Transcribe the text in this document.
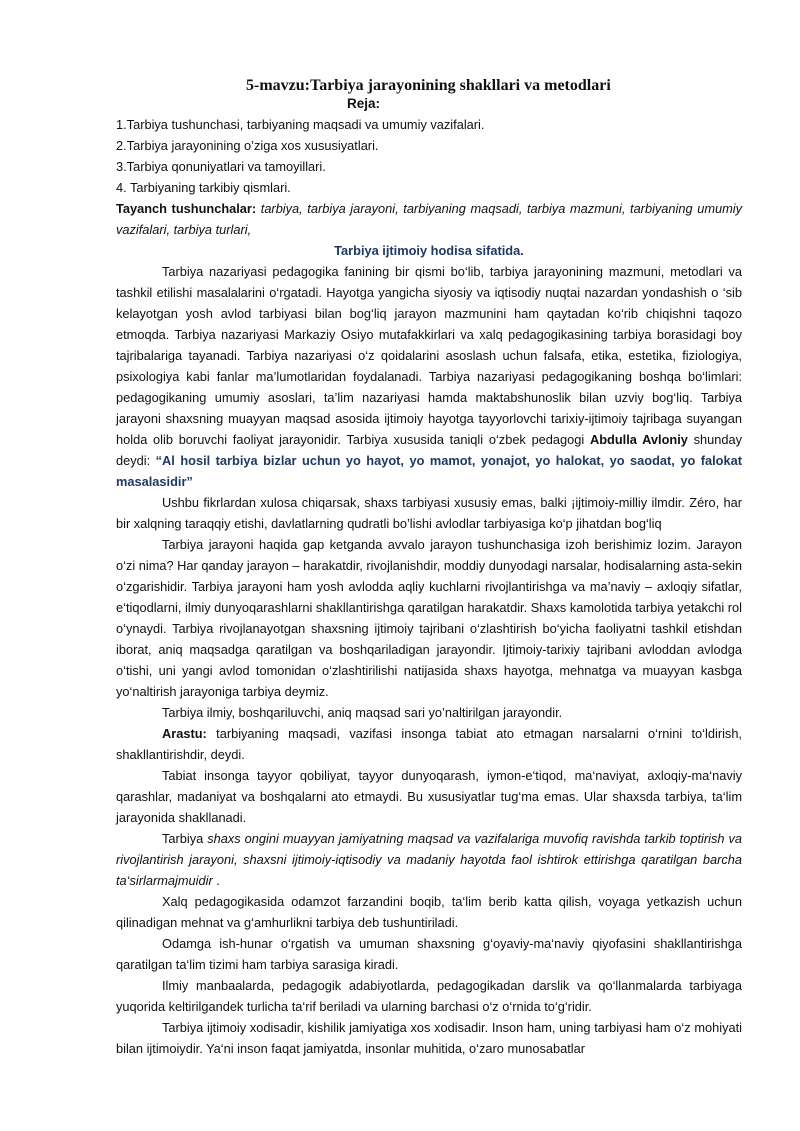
5-mavzu:Tarbiya jarayonining shakllari va metodlari

Reja:

1.Tarbiya tushunchasi, tarbiyaning maqsadi va umumiy vazifalari.

2.Tarbiya jarayonining o’ziga xos xususiyatlari.

3.Tarbiya qonuniyatlari va tamoyillari.

4. Tarbiyaning tarkibiy qismlari.

Tayanch tushunchalar: tarbiya, tarbiya jarayoni, tarbiyaning maqsadi, tarbiya mazmuni, tarbiyaning umumiy vazifalari, tarbiya turlari,

Tarbiya ijtimoiy hodisa sifatida.

Tarbiya nazariyasi pedagogika fanining bir qismi bo‘lib, tarbiya jarayonining mazmuni, metodlari va tashkil etilishi masalalarini o‘rgatadi. Hayotga yangicha siyosiy va iqtisodiy nuqtai nazardan yondashish o ‘sib kelayotgan yosh avlod tarbiyasi bilan bog‘liq jarayon mazmunini ham qaytadan ko‘rib chiqishni taqozo etmoqda. Tarbiya nazariyasi Markaziy Osiyo mutafakkirlari va xalq pedagogikasining tarbiya borasidagi boy tajribalariga tayanadi. Tarbiya nazariyasi o‘z qoidalarini asoslash uchun falsafa, etika, estetika, fiziologiya, psixologiya kabi fanlar ma’lumotlaridan foydalanadi. Tarbiya nazariyasi pedagogikaning boshqa bo‘limlari: pedagogikaning umumiy asoslari, ta’lim nazariyasi hamda maktabshunoslik bilan uzviy bog‘liq. Tarbiya jarayoni shaxsning muayyan maqsad asosida ijtimoiy hayotga tayyorlovchi tarixiy-ijtimoiy tajribaga suyangan holda olib boruvchi faoliyat jarayonidir. Tarbiya xususida taniqli o‘zbek pedagogi Abdulla Avloniy shunday deydi: “Al hosil tarbiya bizlar uchun yo hayot, yo mamot, yonajot, yo halokat, yo saodat, yo falokat masalasidir”

Ushbu fikrlardan xulosa chiqarsak, shaxs tarbiyasi xususiy emas, balki ¡ijtimoiy-milliy ilmdir. Zéro, har bir xalqning taraqqiy etishi, davlatlarning qudratli bo’lishi avlodlar tarbiyasiga ko‘p jihatdan bog‘liq

Tarbiya jarayoni haqida gap ketganda avvalo jarayon tushunchasiga izoh berishimiz lozim. Jarayon o‘zi nima? Har qanday jarayon – harakatdir, rivojlanishdir, moddiy dunyodagi narsalar, hodisalarning asta-sekin o‘zgarishidir. Tarbiya jarayoni ham yosh avlodda aqliy kuchlarni rivojlantirishga va ma’naviy – axloqiy sifatlar, e‘tiqodlarni, ilmiy dunyoqarashlarni shakllantirishga qaratilgan harakatdir. Shaxs kamolotida tarbiya yetakchi rol o‘ynaydi. Tarbiya rivojlanayotgan shaxsning ijtimoiy tajribani o‘zlashtirish bo‘yicha faoliyatni tashkil etishdan iborat, aniq maqsadga qaratilgan va boshqariladigan jarayondir. Ijtimoiy-tarixiy tajribani avloddan avlodga o‘tishi, uni yangi avlod tomonidan o‘zlashtirilishi natijasida shaxs hayotga, mehnatga va muayyan kasbga yo‘naltirish jarayoniga tarbiya deymiz.

Tarbiya ilmiy, boshqariluvchi, aniq maqsad sari yo’naltirilgan jarayondir.

Arastu: tarbiyaning maqsadi, vazifasi insonga tabiat ato etmagan narsalarni o‘rnini to‘ldirish, shakllantirishdir, deydi.

Tabiat insonga tayyor qobiliyat, tayyor dunyoqarash, iymon-e‘tiqod, ma‘naviyat, axloqiy-ma‘naviy qarashlar, madaniyat va boshqalarni ato etmaydi. Bu xususiyatlar tug‘ma emas. Ular shaxsda tarbiya, ta‘lim jarayonida shakllanadi.

Tarbiya shaxs ongini muayyan jamiyatning maqsad va vazifalariga muvofiq ravishda tarkib toptirish va rivojlantirish jarayoni, shaxsni ijtimoiy-iqtisodiy va madaniy hayotda faol ishtirok ettirishga qaratilgan barcha ta‘sirlarmajmuidir .

Xalq pedagogikasida odamzot farzandini boqib, ta‘lim berib katta qilish, voyaga yetkazish uchun qilinadigan mehnat va g‘amhurlikni tarbiya deb tushuntiriladi.

Odamga ish-hunar o‘rgatish va umuman shaxsning g‘oyaviy-ma‘naviy qiyofasini shakllantirishga qaratilgan ta‘lim tizimi ham tarbiya sarasiga kiradi.

Ilmiy manbaalarda, pedagogik adabiyotlarda, pedagogikadan darslik va qo‘llanmalarda tarbiyaga yuqorida keltirilgandek turlicha ta‘rif beriladi va ularning barchasi o‘z o‘rnida to‘g‘ridir.

Tarbiya ijtimoiy xodisadir, kishilik jamiyatiga xos xodisadir. Inson ham, uning tarbiyasi ham o‘z mohiyati bilan ijtimoiydir. Ya‘ni inson faqat jamiyatda, insonlar muhitida, o‘zaro munosabatlar
